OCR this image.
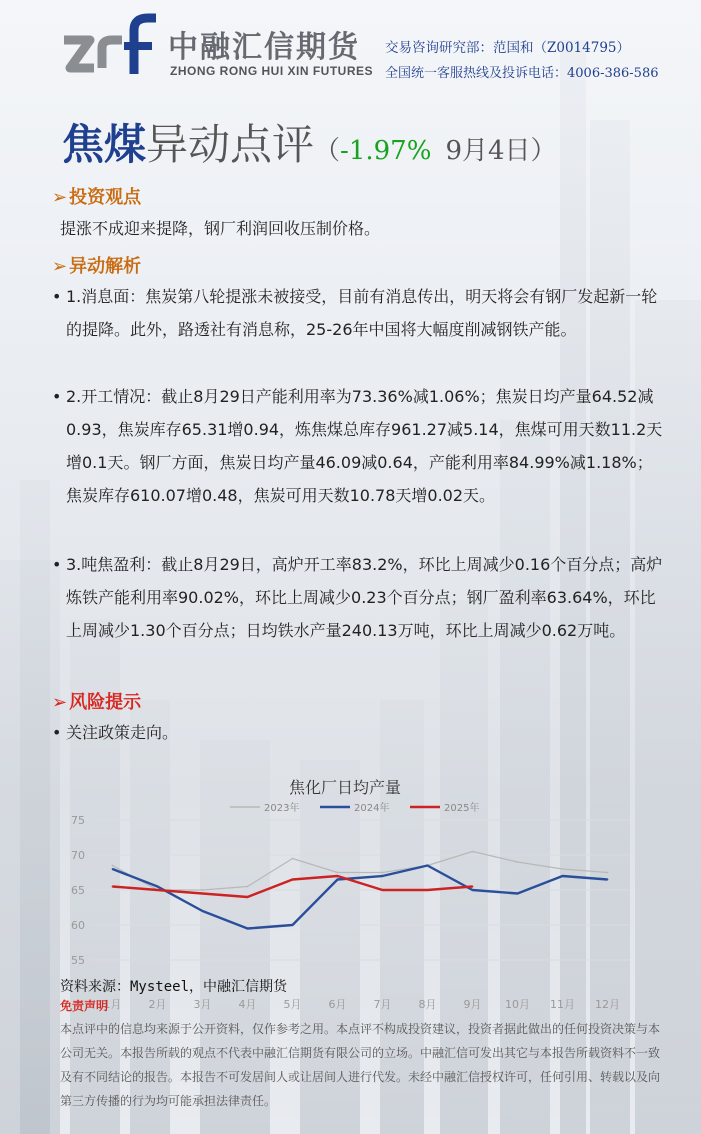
中融汇信期货
ZHONG RONG HUI XIN FUTURES
交易咨询研究部：范国和（Z0014795）
全国统一客服热线及投诉电话：4006-386-586
焦煤异动点评（-1.97% 9月4日）
➢ 投资观点
提涨不成迎来提降，钢厂利润回收压制价格。
➢ 异动解析
• 1.消息面：焦炭第八轮提涨未被接受，目前有消息传出，明天将会有钢厂发起新一轮的提降。此外，路透社有消息称，25-26年中国将大幅度削减钢铁产能。
• 2.开工情况：截止8月29日产能利用率为73.36%减1.06%；焦炭日均产量64.52减0.93，焦炭库存65.31增0.94，炼焦煤总库存961.27减5.14，焦煤可用天数11.2天增0.1天。钢厂方面，焦炭日均产量46.09减0.64，产能利用率84.99%减1.18%；焦炭库存610.07增0.48，焦炭可用天数10.78天增0.02天。
• 3.吨焦盈利：截止8月29日，高炉开工率83.2%，环比上周减少0.16个百分点；高炉炼铁产能利用率90.02%，环比上周减少0.23个百分点；钢厂盈利率63.64%，环比上周减少1.30个百分点；日均铁水产量240.13万吨，环比上周减少0.62万吨。
➢ 风险提示
• 关注政策走向。
焦化厂日均产量
2023年	2024年	2025年
75
70
65
60
55
1月 2月 3月 4月 5月 6月 7月 8月 9月 10月 11月 12月
资料来源：Mysteel，中融汇信期货
免责声明
本点评中的信息均来源于公开资料，仅作参考之用。本点评不构成投资建议，投资者据此做出的任何投资决策与本公司无关。本报告所载的观点不代表中融汇信期货有限公司的立场。中融汇信可发出其它与本报告所载资料不一致及有不同结论的报告。本报告不可发居间人或让居间人进行代发。未经中融汇信授权许可，任何引用、转载以及向第三方传播的行为均可能承担法律责任。
